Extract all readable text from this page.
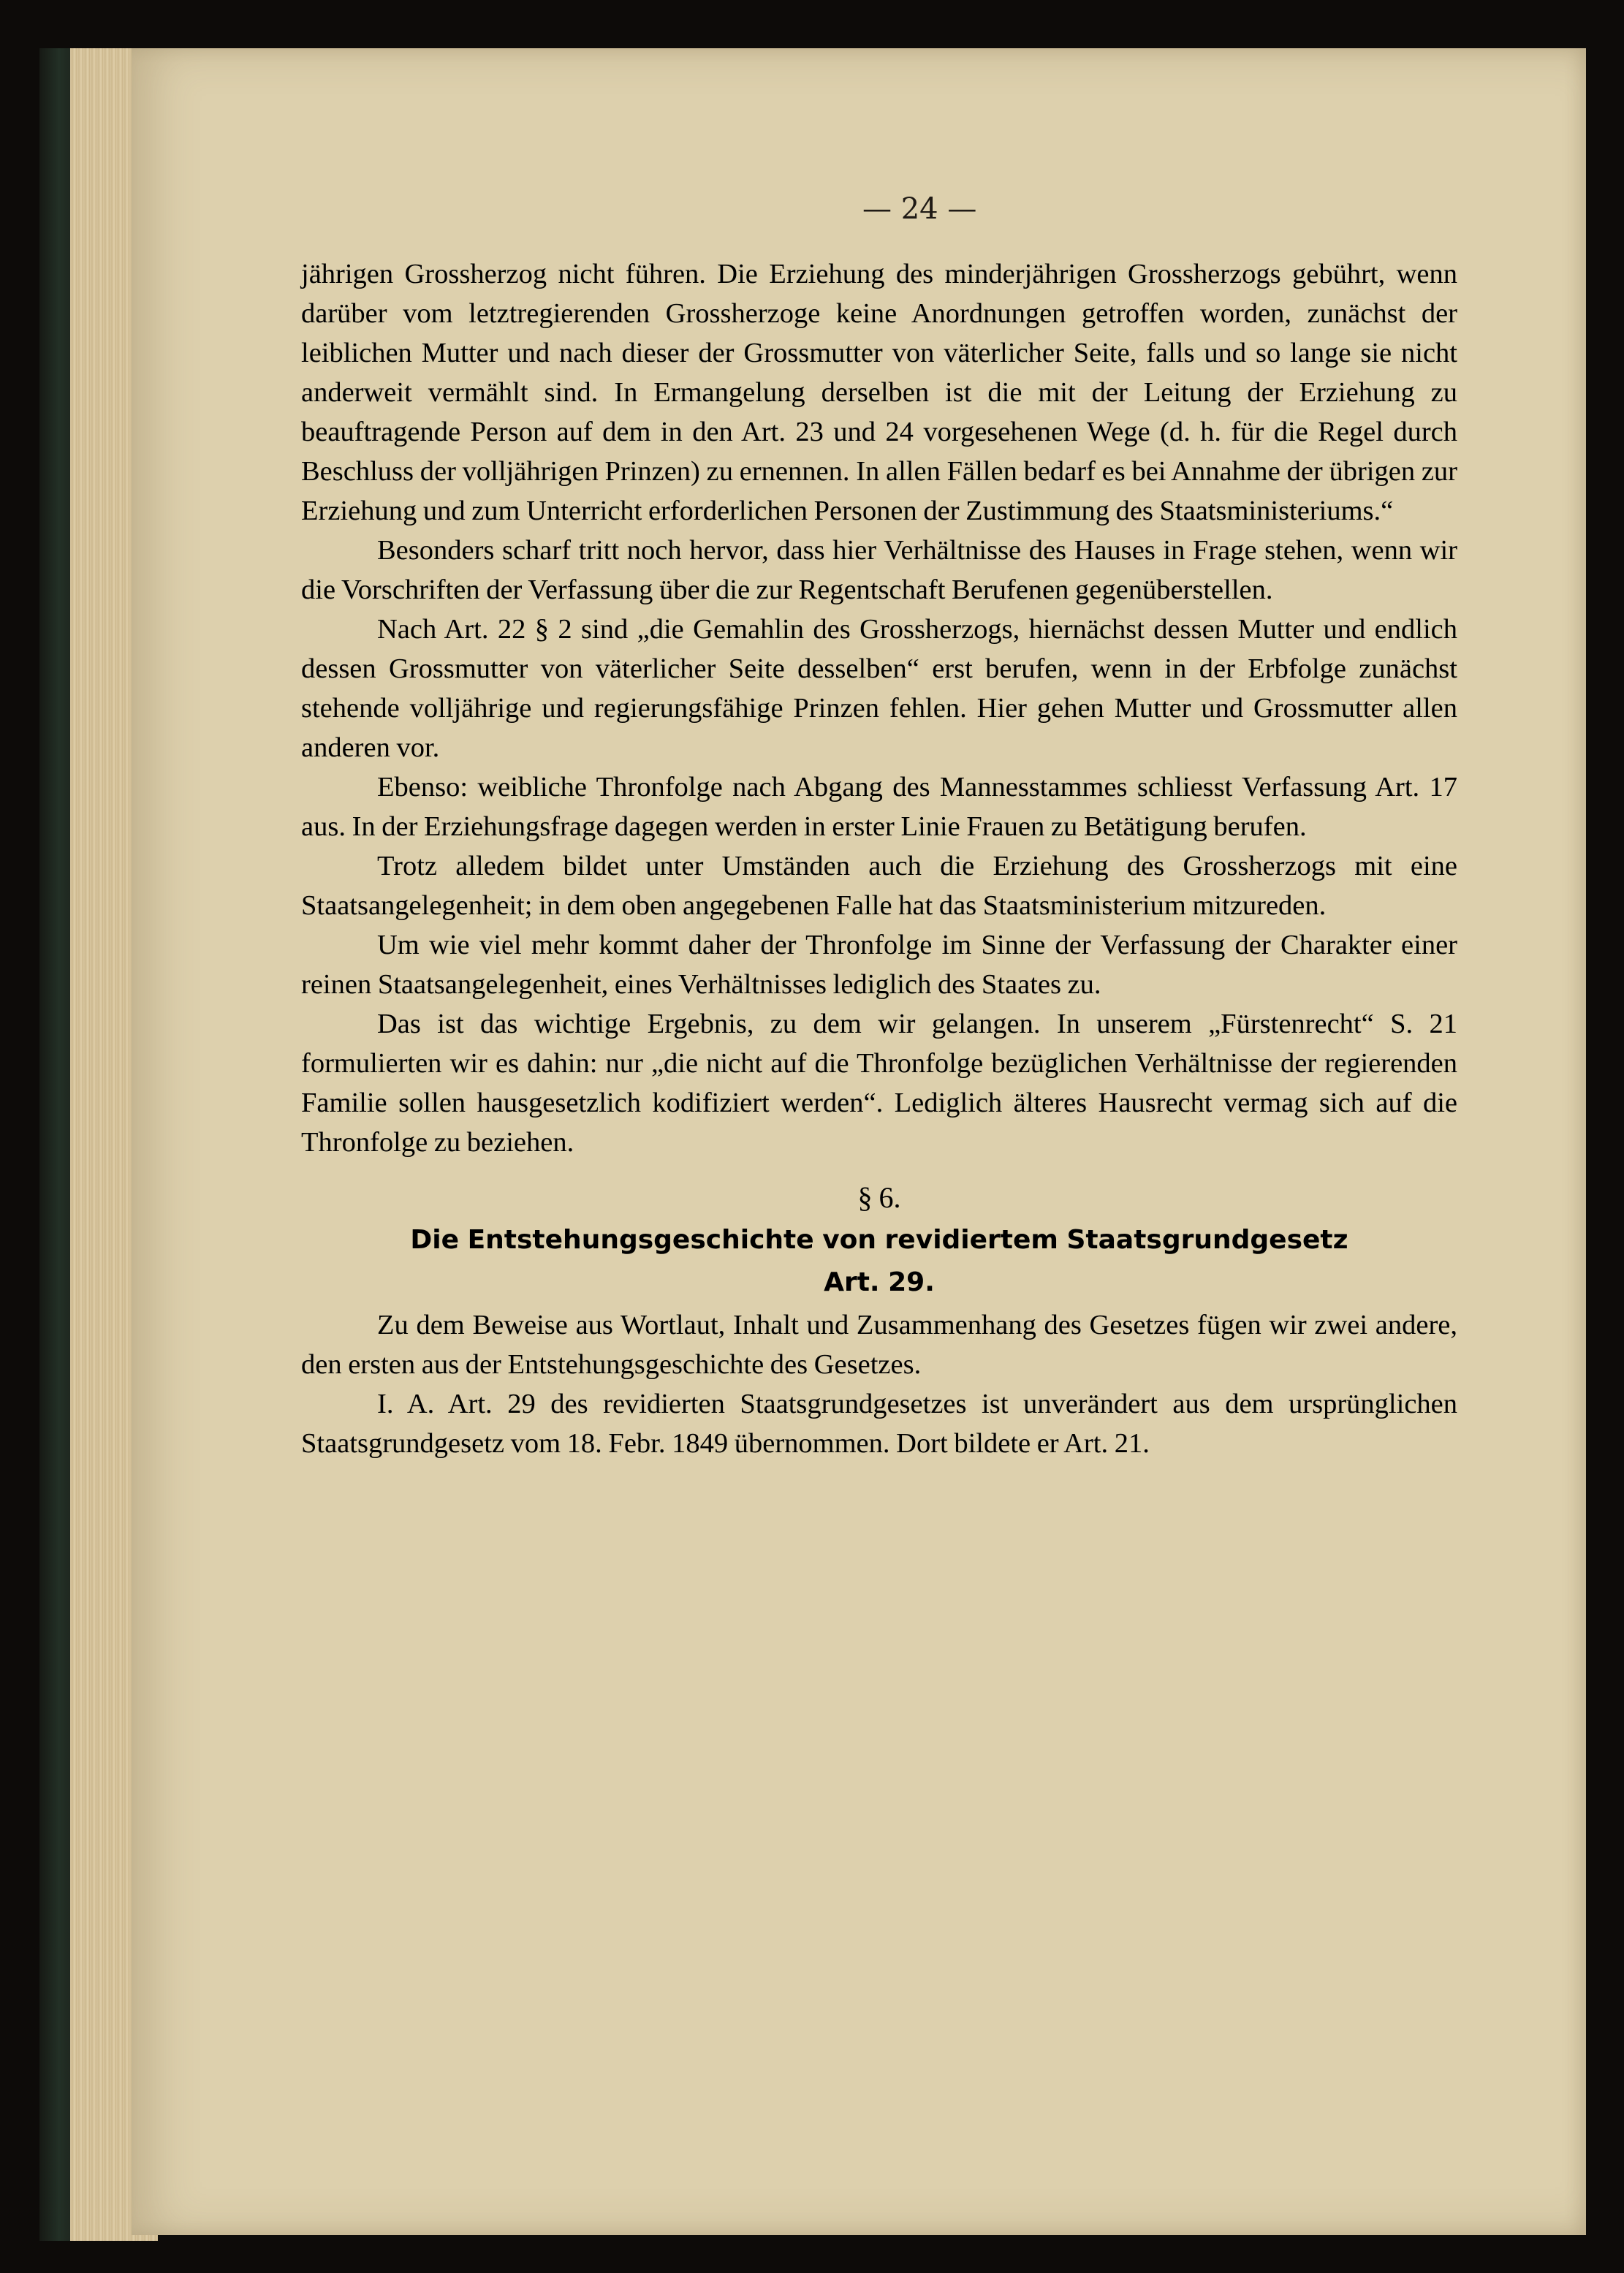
— 24 —

jährigen Grossherzog nicht führen. Die Erziehung des minderjährigen Grossherzogs gebührt, wenn darüber vom letztregierenden Grossherzoge keine Anordnungen getroffen worden, zunächst der leiblichen Mutter und nach dieser der Grossmutter von väterlicher Seite, falls und so lange sie nicht anderweit vermählt sind. In Ermangelung derselben ist die mit der Leitung der Erziehung zu beauftragende Person auf dem in den Art. 23 und 24 vorgesehenen Wege (d. h. für die Regel durch Beschluss der volljährigen Prinzen) zu ernennen. In allen Fällen bedarf es bei Annahme der übrigen zur Erziehung und zum Unterricht erforderlichen Personen der Zustimmung des Staatsministeriums.“

Besonders scharf tritt noch hervor, dass hier Verhältnisse des Hauses in Frage stehen, wenn wir die Vorschriften der Verfassung über die zur Regentschaft Berufenen gegenüberstellen.

Nach Art. 22 § 2 sind „die Gemahlin des Grossherzogs, hiernächst dessen Mutter und endlich dessen Grossmutter von väterlicher Seite desselben“ erst berufen, wenn in der Erbfolge zunächst stehende volljährige und regierungsfähige Prinzen fehlen. Hier gehen Mutter und Grossmutter allen anderen vor.

Ebenso: weibliche Thronfolge nach Abgang des Mannesstammes schliesst Verfassung Art. 17 aus. In der Erziehungsfrage dagegen werden in erster Linie Frauen zu Betätigung berufen.

Trotz alledem bildet unter Umständen auch die Erziehung des Grossherzogs mit eine Staatsangelegenheit; in dem oben angegebenen Falle hat das Staatsministerium mitzureden.

Um wie viel mehr kommt daher der Thronfolge im Sinne der Verfassung der Charakter einer reinen Staatsangelegenheit, eines Verhältnisses lediglich des Staates zu.

Das ist das wichtige Ergebnis, zu dem wir gelangen. In unserem „Fürstenrecht“ S. 21 formulierten wir es dahin: nur „die nicht auf die Thronfolge bezüglichen Verhältnisse der regierenden Familie sollen hausgesetzlich kodifiziert werden“. Lediglich älteres Hausrecht vermag sich auf die Thronfolge zu beziehen.

§ 6.
Die Entstehungsgeschichte von revidiertem Staatsgrundgesetz
Art. 29.

Zu dem Beweise aus Wortlaut, Inhalt und Zusammenhang des Gesetzes fügen wir zwei andere, den ersten aus der Entstehungsgeschichte des Gesetzes.

I. A. Art. 29 des revidierten Staatsgrundgesetzes ist unverändert aus dem ursprünglichen Staatsgrundgesetz vom 18. Febr. 1849 übernommen. Dort bildete er Art. 21.
